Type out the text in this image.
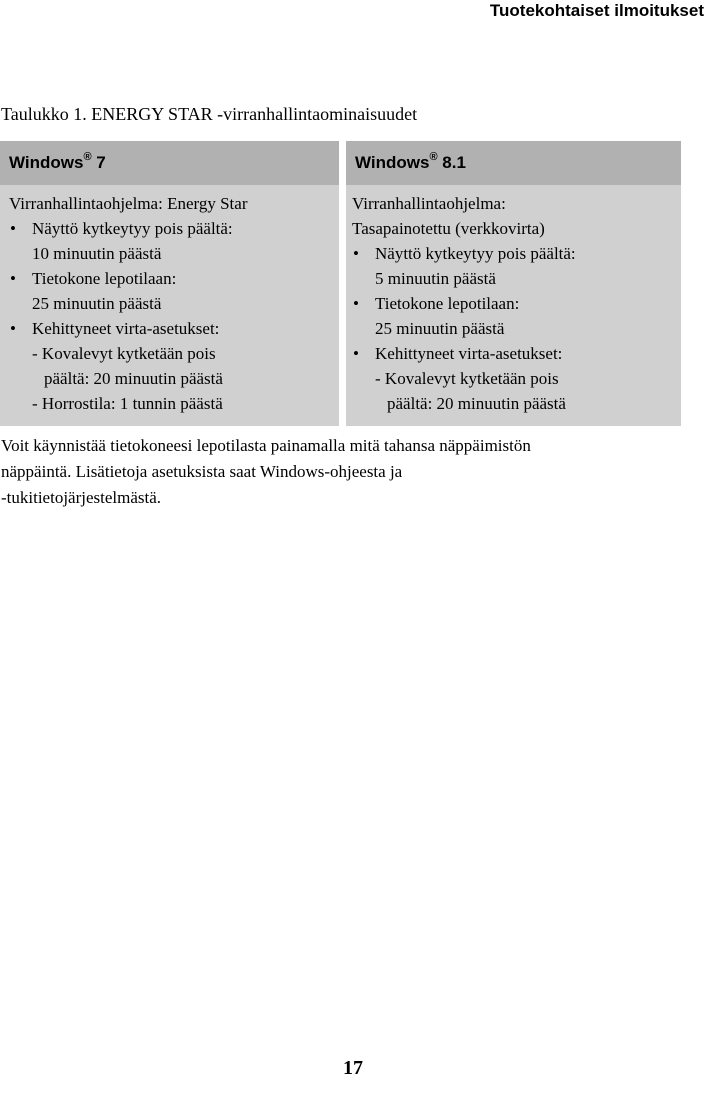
Tuotekohtaiset ilmoitukset
Taulukko 1. ENERGY STAR -virranhallintaominaisuudet
Windows® 7
Virranhallintaohjelma: Energy Star
• Näyttö kytkeytyy pois päältä:
10 minuutin päästä
• Tietokone lepotilaan:
25 minuutin päästä
• Kehittyneet virta-asetukset:
- Kovalevyt kytketään pois
päältä: 20 minuutin päästä
- Horrostila: 1 tunnin päästä
Windows® 8.1
Virranhallintaohjelma:
Tasapainotettu (verkkovirta)
• Näyttö kytkeytyy pois päältä:
5 minuutin päästä
• Tietokone lepotilaan:
25 minuutin päästä
• Kehittyneet virta-asetukset:
- Kovalevyt kytketään pois
päältä: 20 minuutin päästä
Voit käynnistää tietokoneesi lepotilasta painamalla mitä tahansa näppäimistön
näppäintä. Lisätietoja asetuksista saat Windows-ohjeesta ja
-tukitietojärjestelmästä.
17
